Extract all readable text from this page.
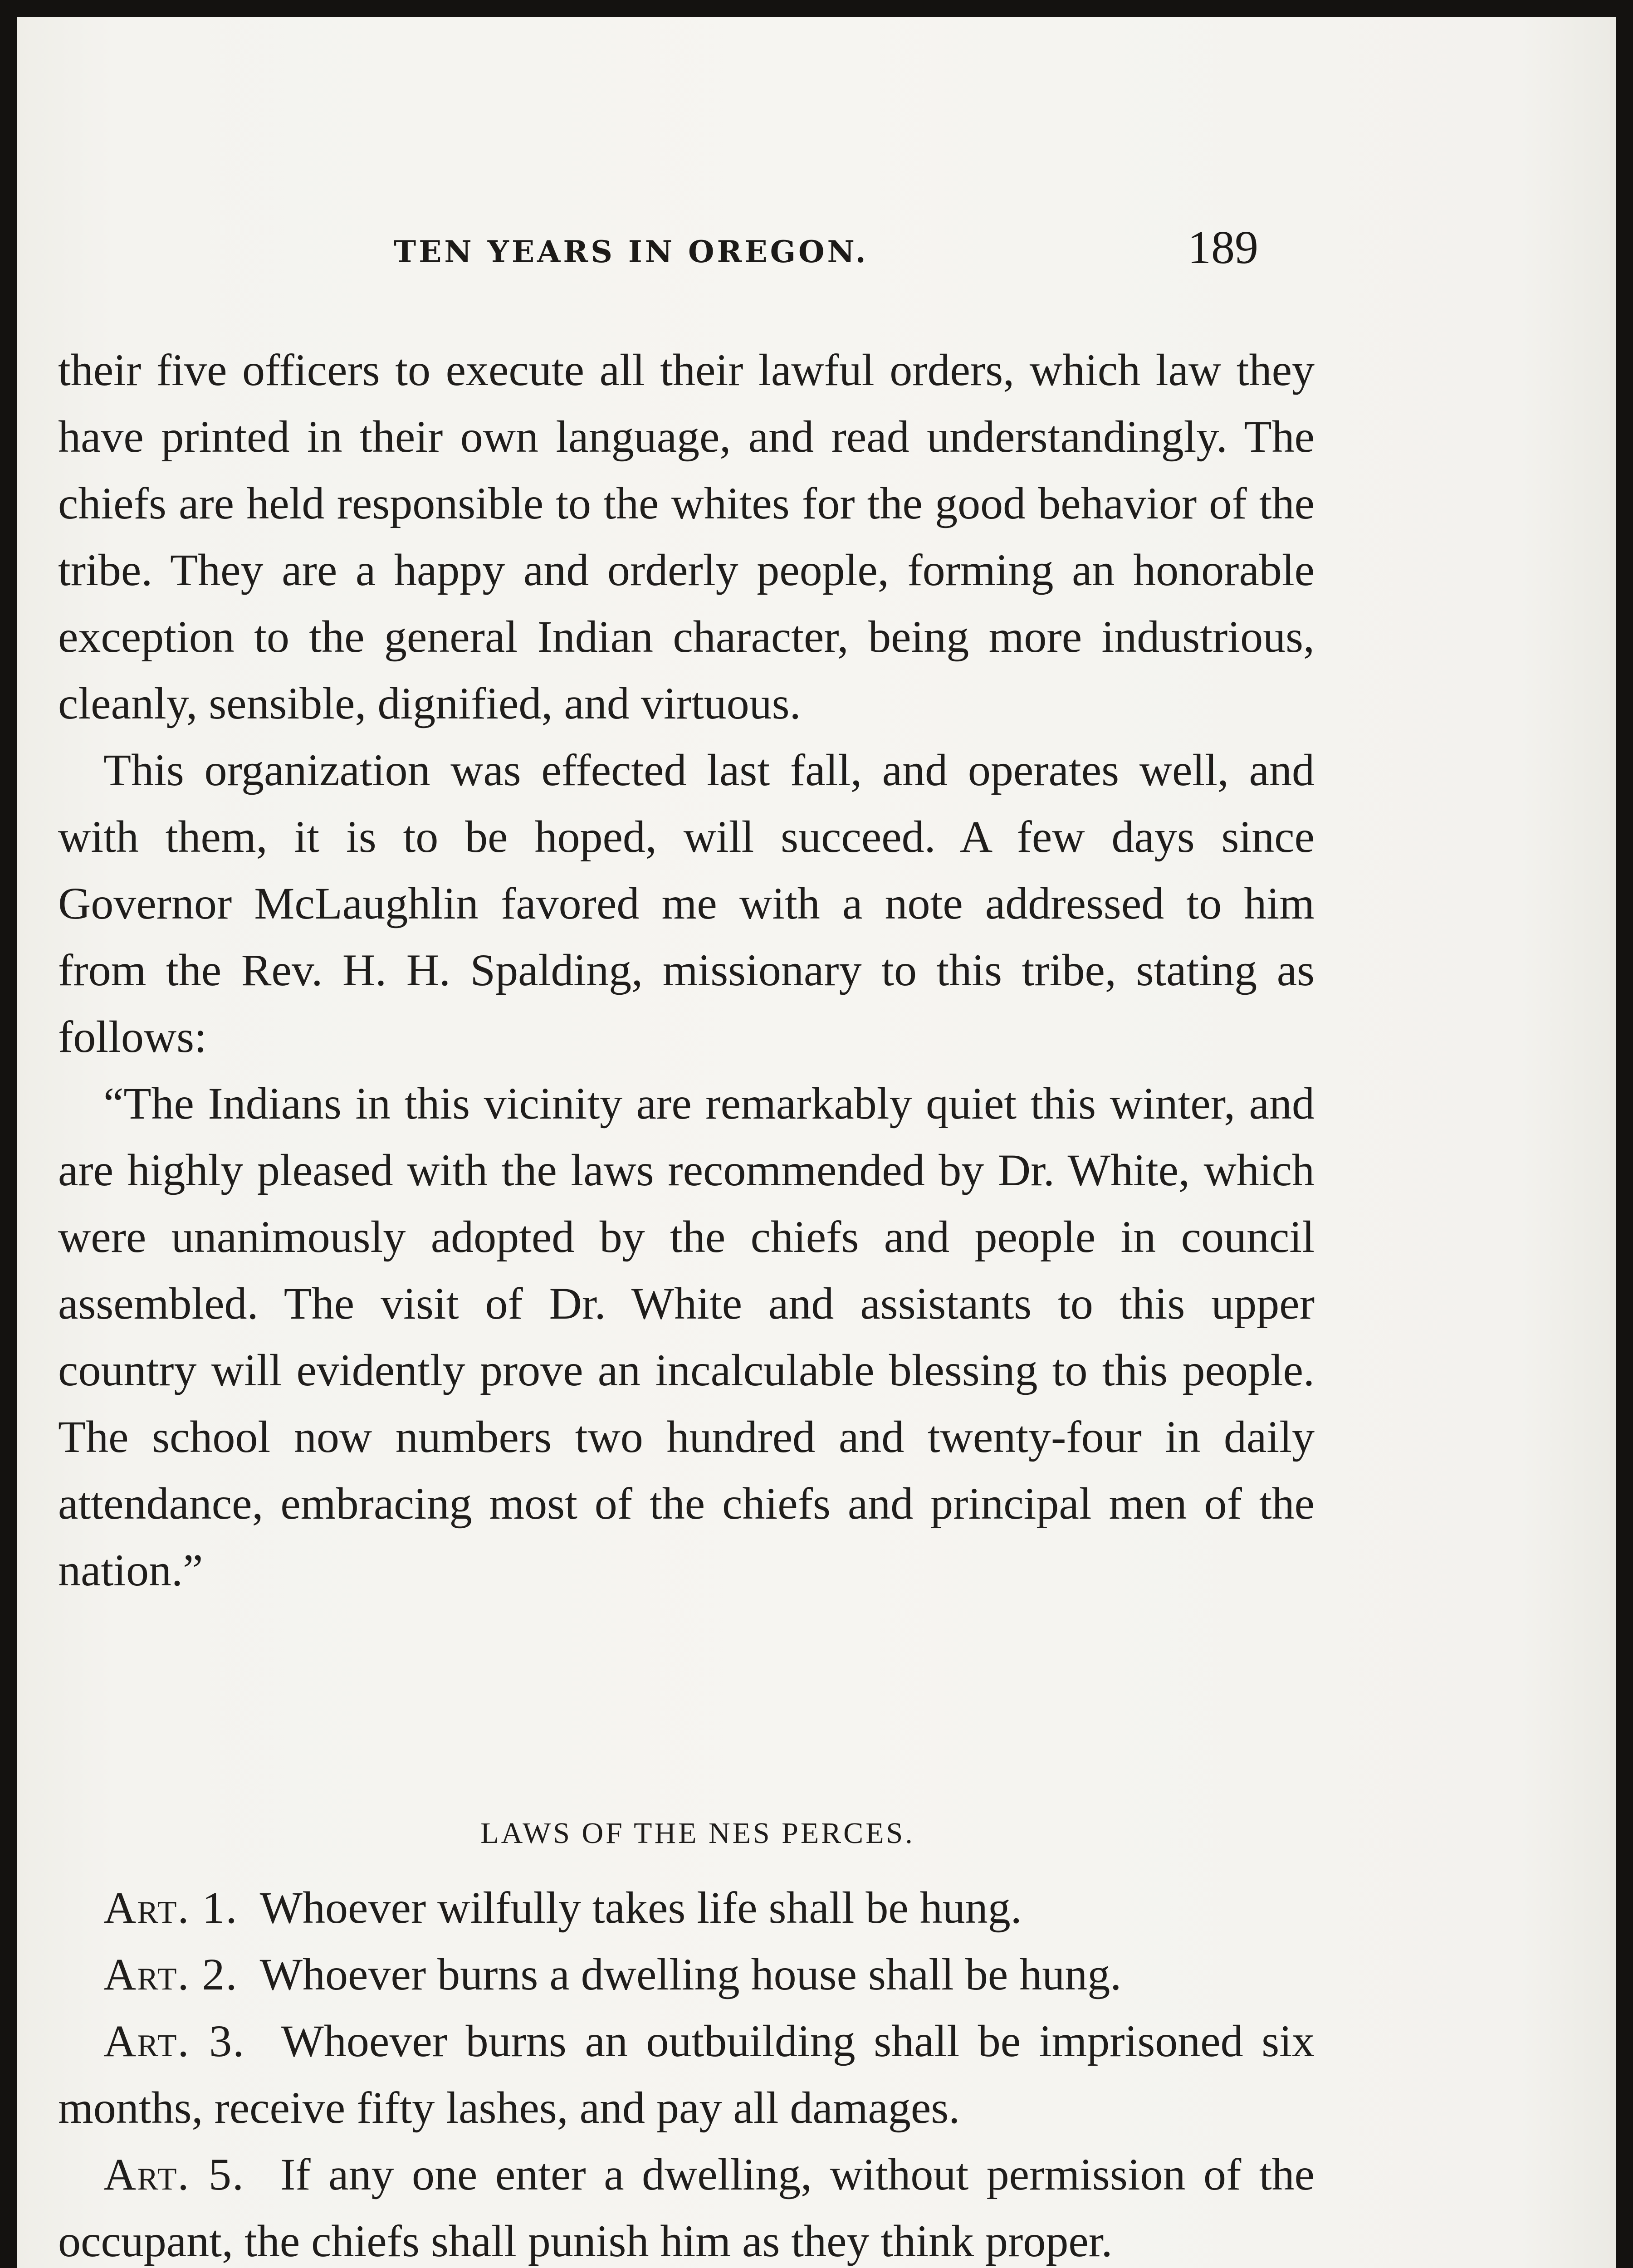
TEN YEARS IN OREGON.	189

their five officers to execute all their lawful orders, which law they have printed in their own language, and read understandingly. The chiefs are held responsible to the whites for the good behavior of the tribe. They are a happy and orderly people, forming an honorable exception to the general Indian character, being more industrious, cleanly, sensible, dignified, and virtuous.

This organization was effected last fall, and operates well, and with them, it is to be hoped, will succeed. A few days since Governor McLaughlin favored me with a note addressed to him from the Rev. H. H. Spalding, missionary to this tribe, stating as follows:

“The Indians in this vicinity are remarkably quiet this winter, and are highly pleased with the laws recommended by Dr. White, which were unanimously adopted by the chiefs and people in council assembled. The visit of Dr. White and assistants to this upper country will evidently prove an incalculable blessing to this people. The school now numbers two hundred and twenty-four in daily attendance, embracing most of the chiefs and principal men of the nation.”

LAWS OF THE NES PERCES.

Art. 1. Whoever wilfully takes life shall be hung.

Art. 2. Whoever burns a dwelling house shall be hung.

Art. 3. Whoever burns an outbuilding shall be imprisoned six months, receive fifty lashes, and pay all damages.

Art. 5. If any one enter a dwelling, without permission of the occupant, the chiefs shall punish him as they think proper.
